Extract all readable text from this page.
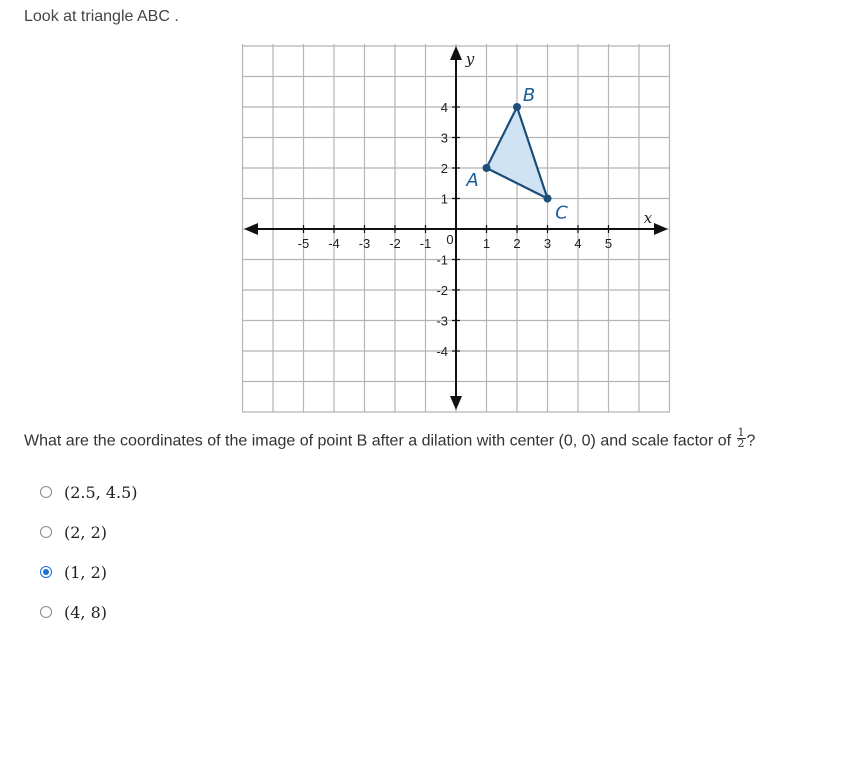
Look at triangle ABC .
-5 -4 -3 -2 -1	1 2 3 4 5
4
3
2
1
-1
-2
-3
-4
0
x
y
A
B
C
What are the coordinates of the image of point B after a dilation with center (0, 0) and scale factor of $\frac{1}{2}$ ?
(2.5, 4.5)
(2, 2)
(1, 2)
(4, 8)
